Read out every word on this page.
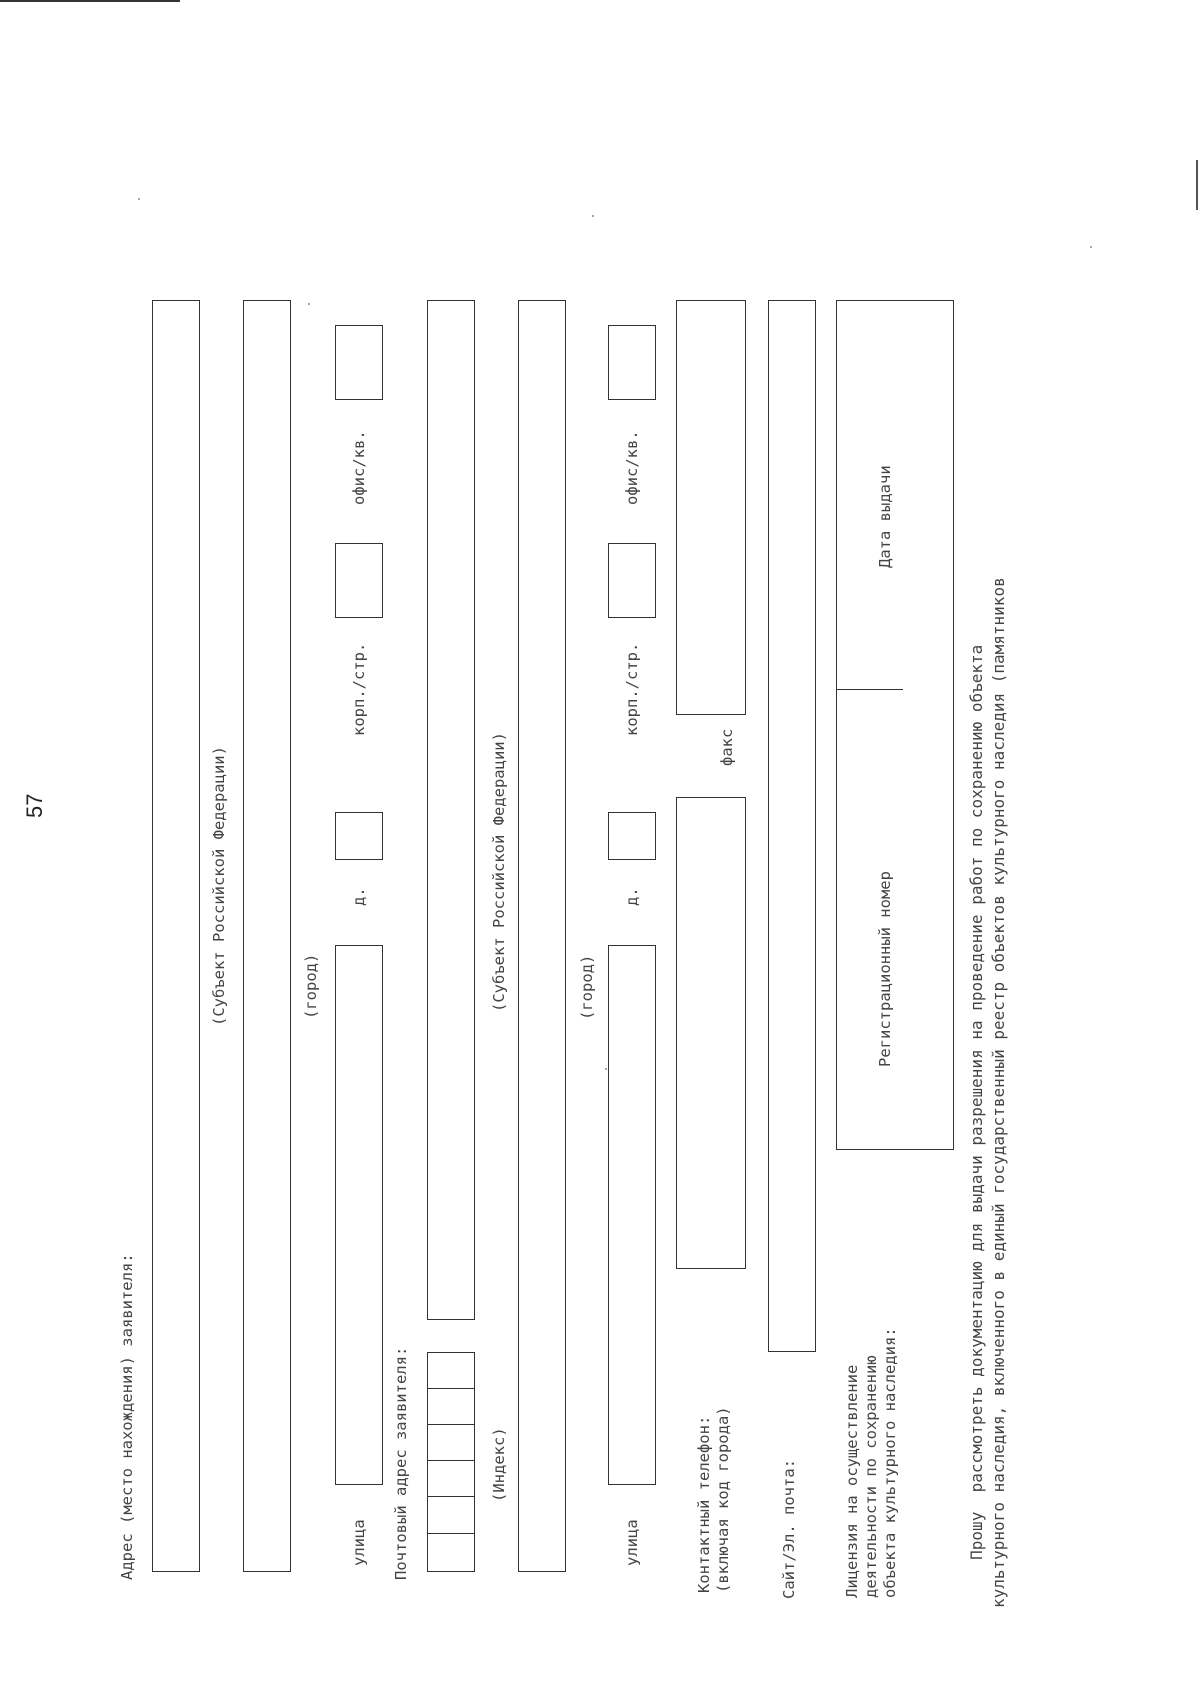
57
Адрес (место нахождения) заявителя:
(Субъект Российской Федерации)	(город)
улица
д.
корп./стр.
офис/кв.
Почтовый адрес заявителя:	(Индекс)
(Субъект Российской Федерации)	(город)
улица
д.
корп./стр.
офис/кв.
Контактный телефон: (включая код города)
факс
Сайт/Эл. почта:	Лицензия на осуществление деятельности по сохранению объекта культурного наследия:
Регистрационный номер
Дата выдачи
Прошу  рассмотреть документацию для выдачи разрешения на проведение работ по сохранению объекта культурного наследия, включенного в единый государственный реестр объектов культурного наследия (памятников
